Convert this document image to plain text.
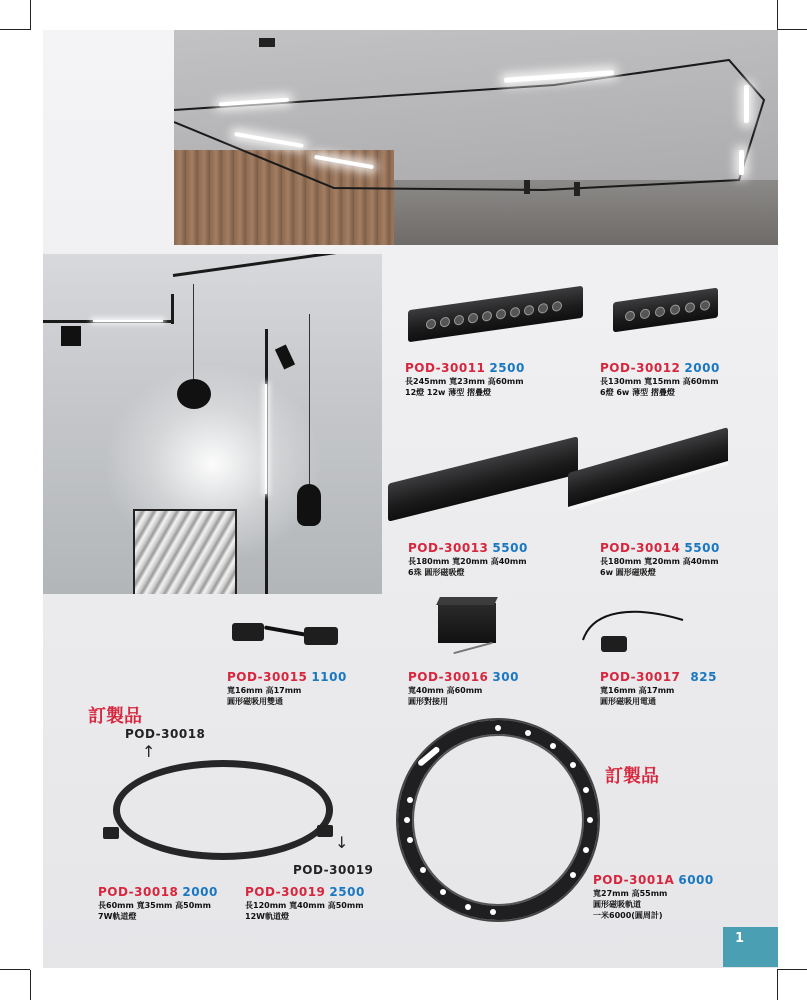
POD-30011 2500
長245mm 寬23mm 高60mm
12燈 12w 薄型 摺疊燈
POD-30012 2000
長130mm 寬15mm 高60mm
6燈 6w 薄型 摺疊燈
POD-30013 5500
長180mm 寬20mm 高40mm
6珠 圓形磁吸燈
POD-30014 5500
長180mm 寬20mm 高40mm
6w 圓形磁吸燈
POD-30015 1100
寬16mm 高17mm
圓形磁吸用雙通
POD-30016 300
寬40mm 高60mm
圓形對接用
POD-30017 825
寬16mm 高17mm
圓形磁吸用電通
POD-30018 2000
長60mm 寬35mm 高50mm
7W軌道燈
POD-30019 2500
長120mm 寬40mm 高50mm
12W軌道燈
POD-3001A 6000
寬27mm 高55mm
圓形磁吸軌道
一米6000(圓周計)
訂製品
訂製品
POD-30018
↑
POD-30019
↓
1
